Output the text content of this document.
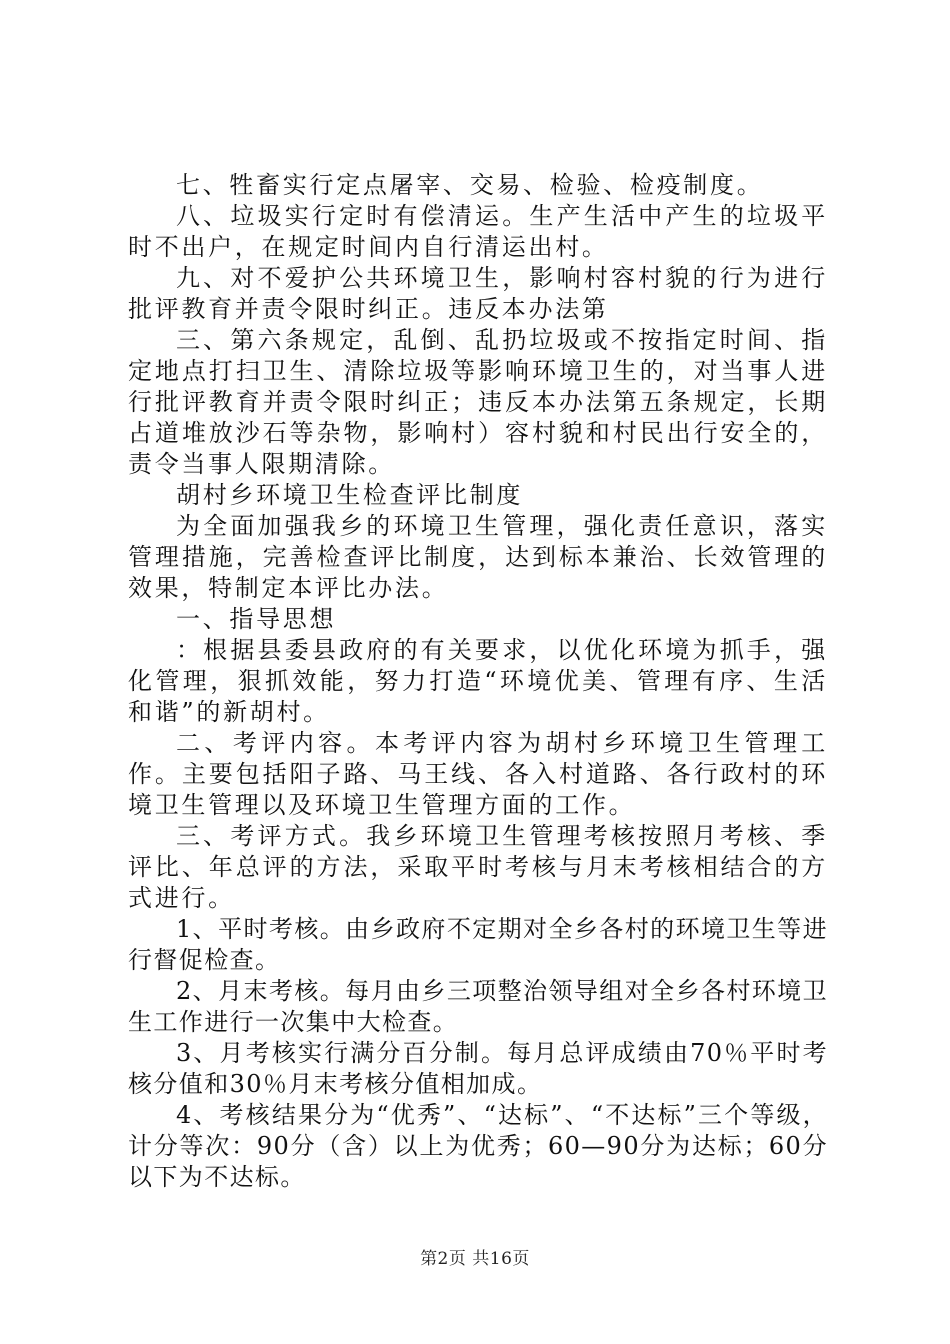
七、牲畜实行定点屠宰、交易、检验、检疫制度。

八、垃圾实行定时有偿清运。生产生活中产生的垃圾平时不出户，在规定时间内自行清运出村。

九、对不爱护公共环境卫生，影响村容村貌的行为进行批评教育并责令限时纠正。违反本办法第

三、第六条规定，乱倒、乱扔垃圾或不按指定时间、指定地点打扫卫生、清除垃圾等影响环境卫生的，对当事人进行批评教育并责令限时纠正；违反本办法第五条规定，长期占道堆放沙石等杂物，影响村）容村貌和村民出行安全的，责令当事人限期清除。

胡村乡环境卫生检查评比制度

为全面加强我乡的环境卫生管理，强化责任意识，落实管理措施，完善检查评比制度，达到标本兼治、长效管理的效果，特制定本评比办法。

一、指导思想

：根据县委县政府的有关要求，以优化环境为抓手，强化管理，狠抓效能，努力打造“环境优美、管理有序、生活和谐”的新胡村。

二、考评内容。本考评内容为胡村乡环境卫生管理工作。主要包括阳子路、马王线、各入村道路、各行政村的环境卫生管理以及环境卫生管理方面的工作。

三、考评方式。我乡环境卫生管理考核按照月考核、季评比、年总评的方法，采取平时考核与月末考核相结合的方式进行。

1、平时考核。由乡政府不定期对全乡各村的环境卫生等进行督促检查。

2、月末考核。每月由乡三项整治领导组对全乡各村环境卫生工作进行一次集中大检查。

3、月考核实行满分百分制。每月总评成绩由70％平时考核分值和30％月末考核分值相加成。

4、考核结果分为“优秀”、“达标”、“不达标”三个等级，计分等次：90分（含）以上为优秀；60—90分为达标；60分以下为不达标。

第2页 共16页
